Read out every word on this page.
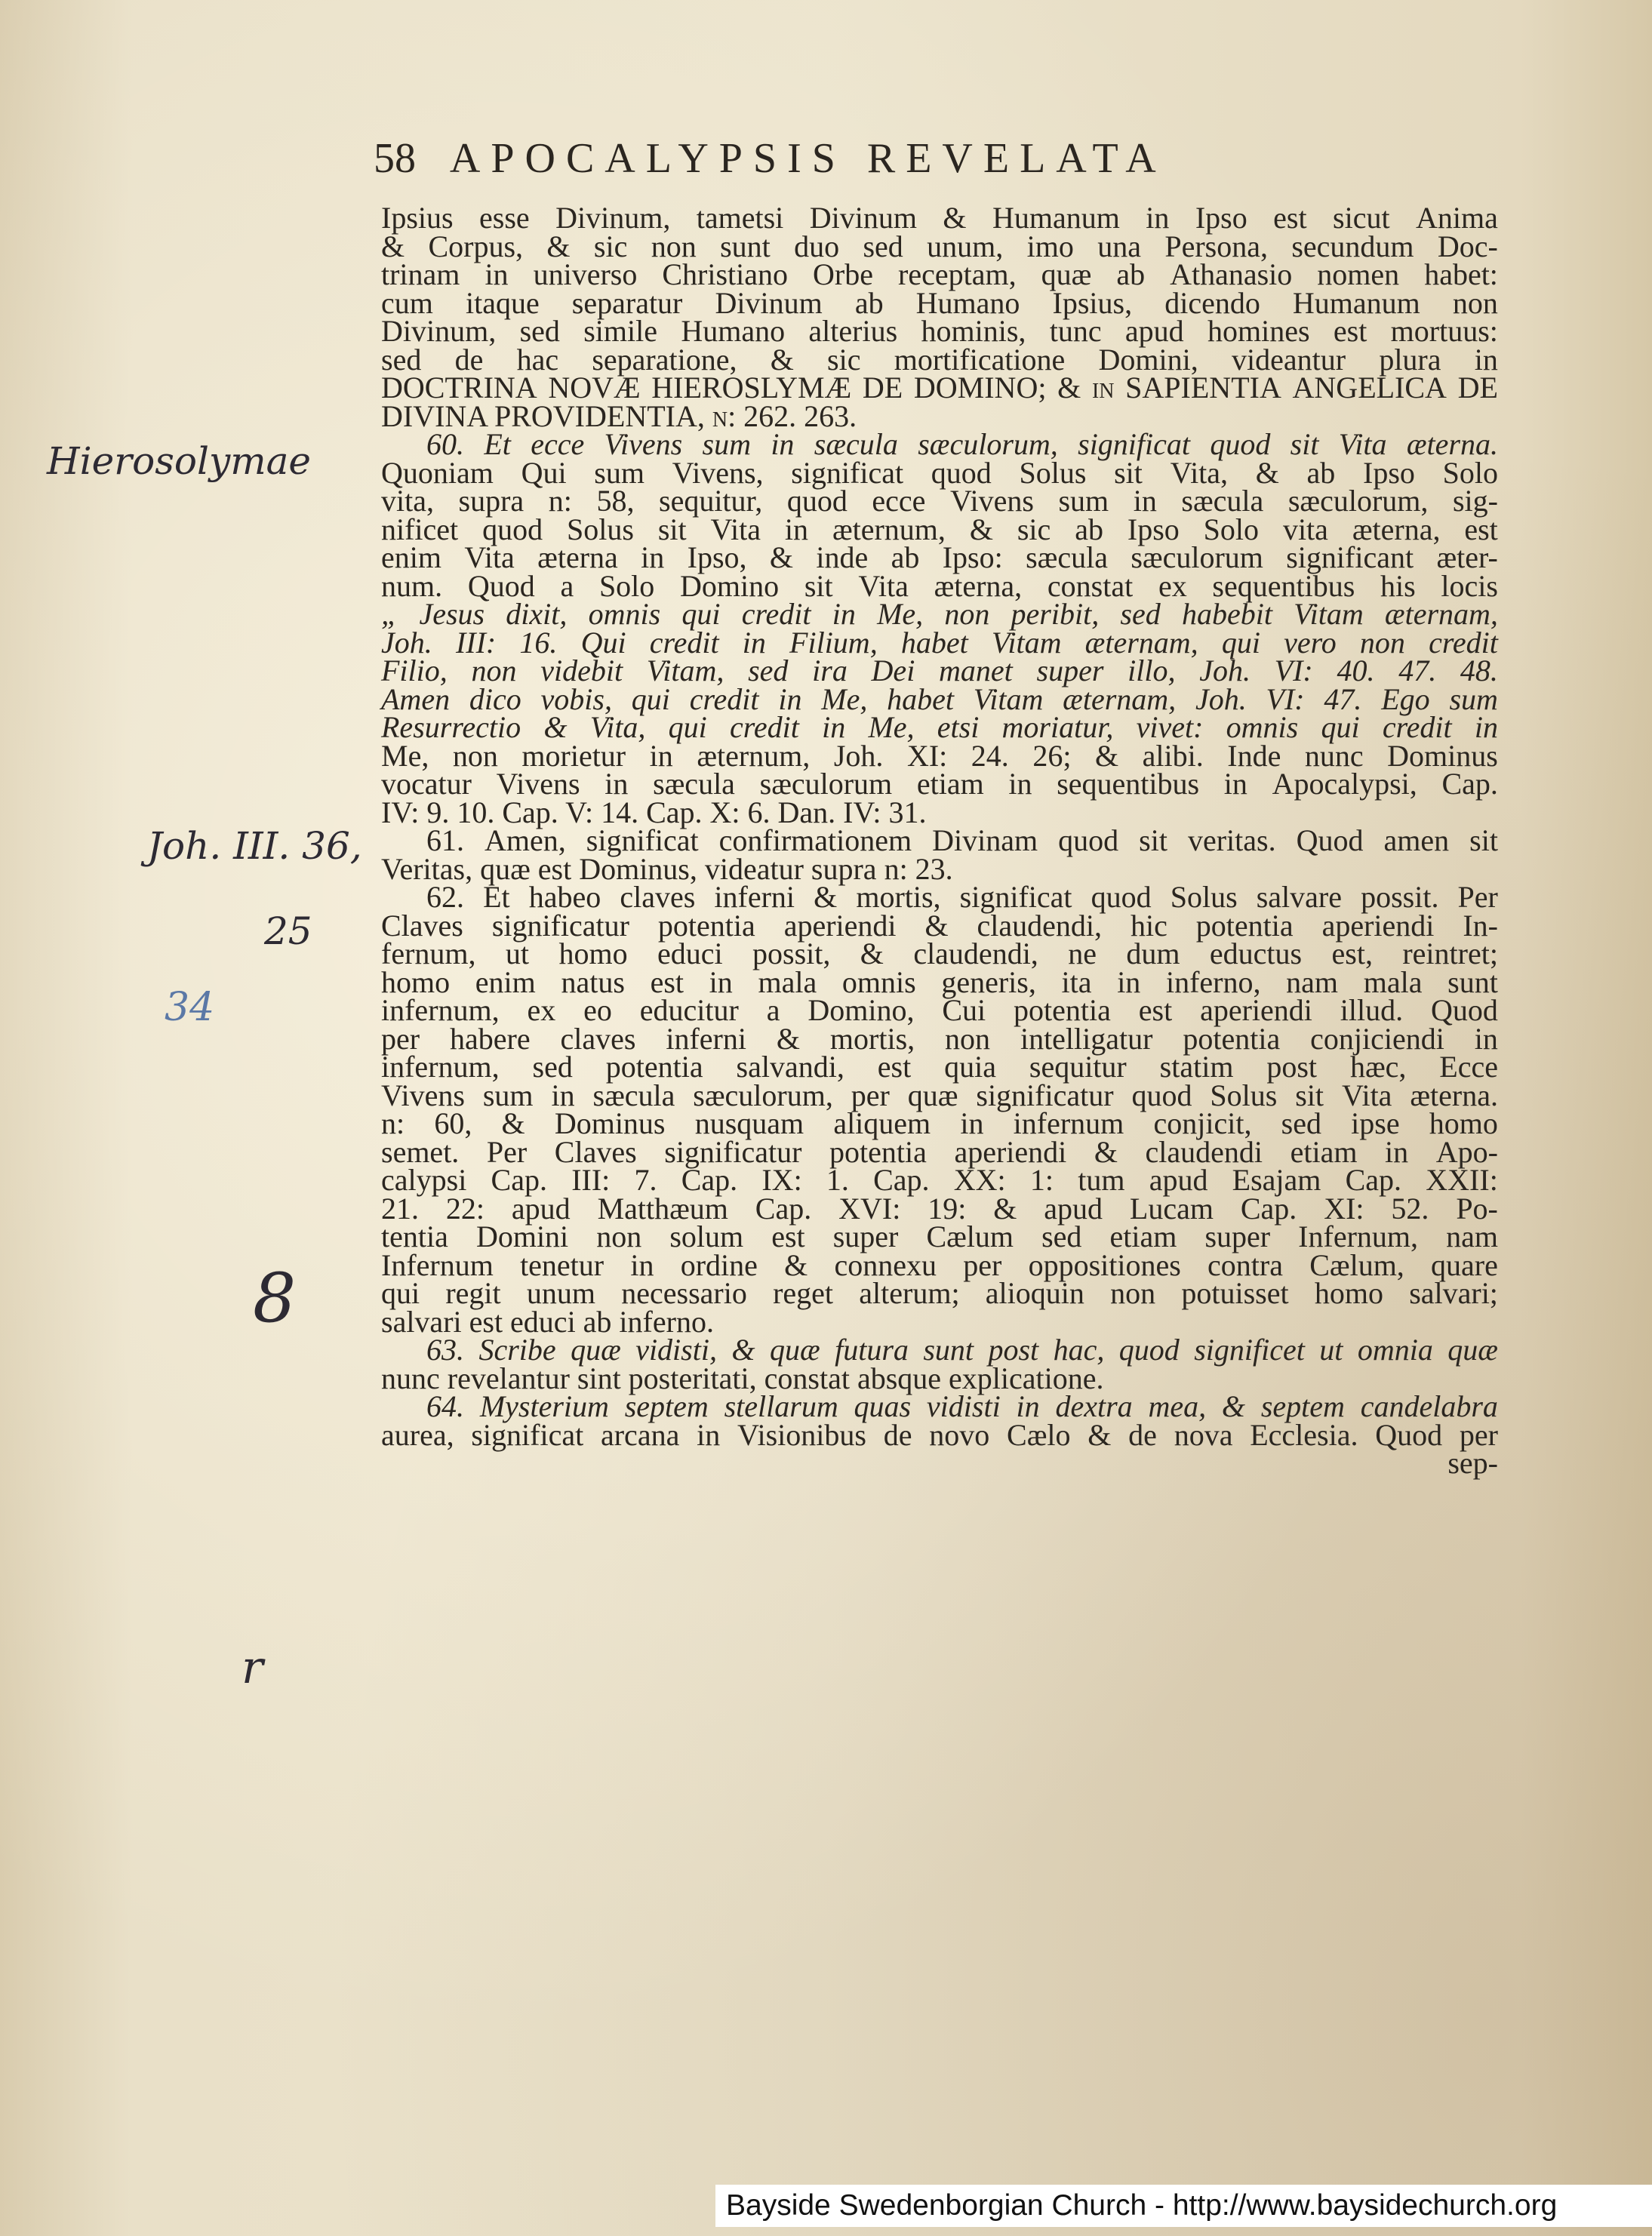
58 APOCALYPSIS REVELATA
Ipsius esse Divinum, tametsi Divinum & Humanum in Ipso est sicut Anima
& Corpus, & sic non sunt duo sed unum, imo una Persona, secundum Doc-
trinam in universo Christiano Orbe receptam, quæ ab Athanasio nomen habet:
cum itaque separatur Divinum ab Humano Ipsius, dicendo Humanum non
Divinum, sed simile Humano alterius hominis, tunc apud homines est mortuus:
sed de hac separatione, & sic mortificatione Domini, videantur plura in
DOCTRINA NOVÆ HIEROSLYMÆ DE DOMINO; & in SAPIENTIA ANGELICA DE
DIVINA PROVIDENTIA, n: 262. 263.
60. Et ecce Vivens sum in sæcula sæculorum, significat quod sit Vita æterna.
Quoniam Qui sum Vivens, significat quod Solus sit Vita, & ab Ipso Solo
vita, supra n: 58, sequitur, quod ecce Vivens sum in sæcula sæculorum, sig-
nificet quod Solus sit Vita in æternum, & sic ab Ipso Solo vita æterna, est
enim Vita æterna in Ipso, & inde ab Ipso: sæcula sæculorum significant æter-
num. Quod a Solo Domino sit Vita æterna, constat ex sequentibus his locis
„ Jesus dixit, omnis qui credit in Me, non peribit, sed habebit Vitam æternam,
Joh. III: 16. Qui credit in Filium, habet Vitam æternam, qui vero non credit
Filio, non videbit Vitam, sed ira Dei manet super illo, Joh. VI: 40. 47. 48.
Amen dico vobis, qui credit in Me, habet Vitam æternam, Joh. VI: 47. Ego sum
Resurrectio & Vita, qui credit in Me, etsi moriatur, vivet: omnis qui credit in
Me, non morietur in æternum, Joh. XI: 24. 26; & alibi. Inde nunc Dominus
vocatur Vivens in sæcula sæculorum etiam in sequentibus in Apocalypsi, Cap.
IV: 9. 10. Cap. V: 14. Cap. X: 6. Dan. IV: 31.
61. Amen, significat confirmationem Divinam quod sit veritas. Quod amen sit
Veritas, quæ est Dominus, videatur supra n: 23.
62. Et habeo claves inferni & mortis, significat quod Solus salvare possit. Per
Claves significatur potentia aperiendi & claudendi, hic potentia aperiendi In-
fernum, ut homo educi possit, & claudendi, ne dum eductus est, reintret;
homo enim natus est in mala omnis generis, ita in inferno, nam mala sunt
infernum, ex eo educitur a Domino, Cui potentia est aperiendi illud. Quod
per habere claves inferni & mortis, non intelligatur potentia conjiciendi in
infernum, sed potentia salvandi, est quia sequitur statim post hæc, Ecce
Vivens sum in sæcula sæculorum, per quæ significatur quod Solus sit Vita æterna.
n: 60, & Dominus nusquam aliquem in infernum conjicit, sed ipse homo
semet. Per Claves significatur potentia aperiendi & claudendi etiam in Apo-
calypsi Cap. III: 7. Cap. IX: 1. Cap. XX: 1: tum apud Esajam Cap. XXII:
21. 22: apud Matthæum Cap. XVI: 19: & apud Lucam Cap. XI: 52. Po-
tentia Domini non solum est super Cælum sed etiam super Infernum, nam
Infernum tenetur in ordine & connexu per oppositiones contra Cælum, quare
qui regit unum necessario reget alterum; alioquin non potuisset homo salvari;
salvari est educi ab inferno.
63. Scribe quæ vidisti, & quæ futura sunt post hac, quod significet ut omnia quæ
nunc revelantur sint posteritati, constat absque explicatione.
64. Mysterium septem stellarum quas vidisti in dextra mea, & septem candelabra
aurea, significat arcana in Visionibus de novo Cælo & de nova Ecclesia. Quod per
sep-
Hierosolymae
Joh. III. 36,
25
34
8
r
Bayside Swedenborgian Church - http://www.baysidechurch.org
